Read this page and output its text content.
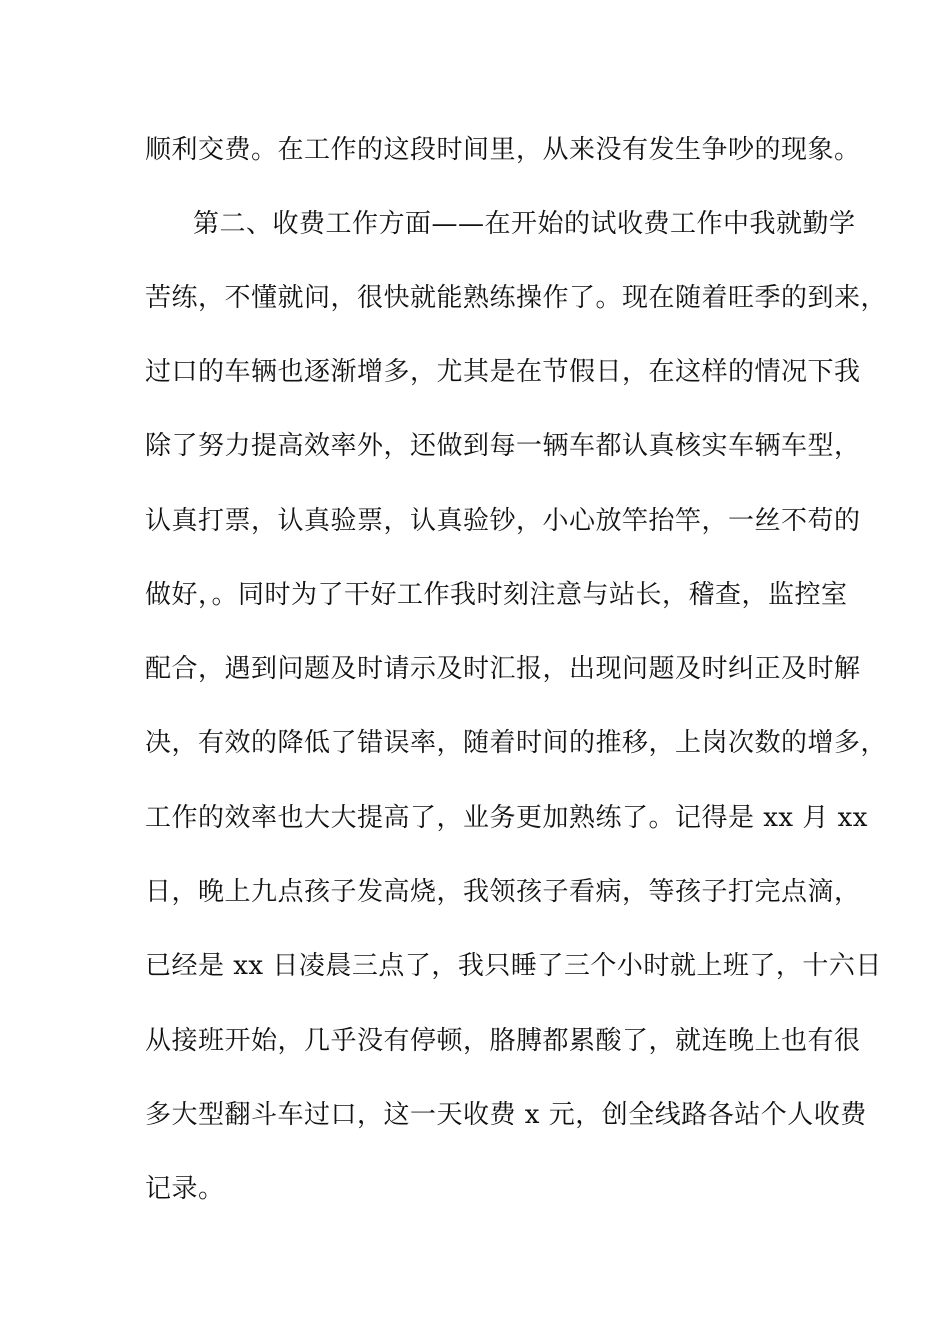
顺利交费。在工作的这段时间里，从来没有发生争吵的现象。
第二、收费工作方面——在开始的试收费工作中我就勤学
苦练，不懂就问，很快就能熟练操作了。现在随着旺季的到来，
过口的车辆也逐渐增多，尤其是在节假日，在这样的情况下我
除了努力提高效率外，还做到每一辆车都认真核实车辆车型，
认真打票，认真验票，认真验钞，小心放竿抬竿，一丝不苟的
做好，。同时为了干好工作我时刻注意与站长，稽查，监控室
配合，遇到问题及时请示及时汇报，出现问题及时纠正及时解
决，有效的降低了错误率，随着时间的推移，上岗次数的增多，
工作的效率也大大提高了，业务更加熟练了。记得是 xx 月 xx
日，晚上九点孩子发高烧，我领孩子看病，等孩子打完点滴，
已经是 xx 日凌晨三点了，我只睡了三个小时就上班了，十六日
从接班开始，几乎没有停顿，胳膊都累酸了，就连晚上也有很
多大型翻斗车过口，这一天收费 x 元，创全线路各站个人收费
记录。
